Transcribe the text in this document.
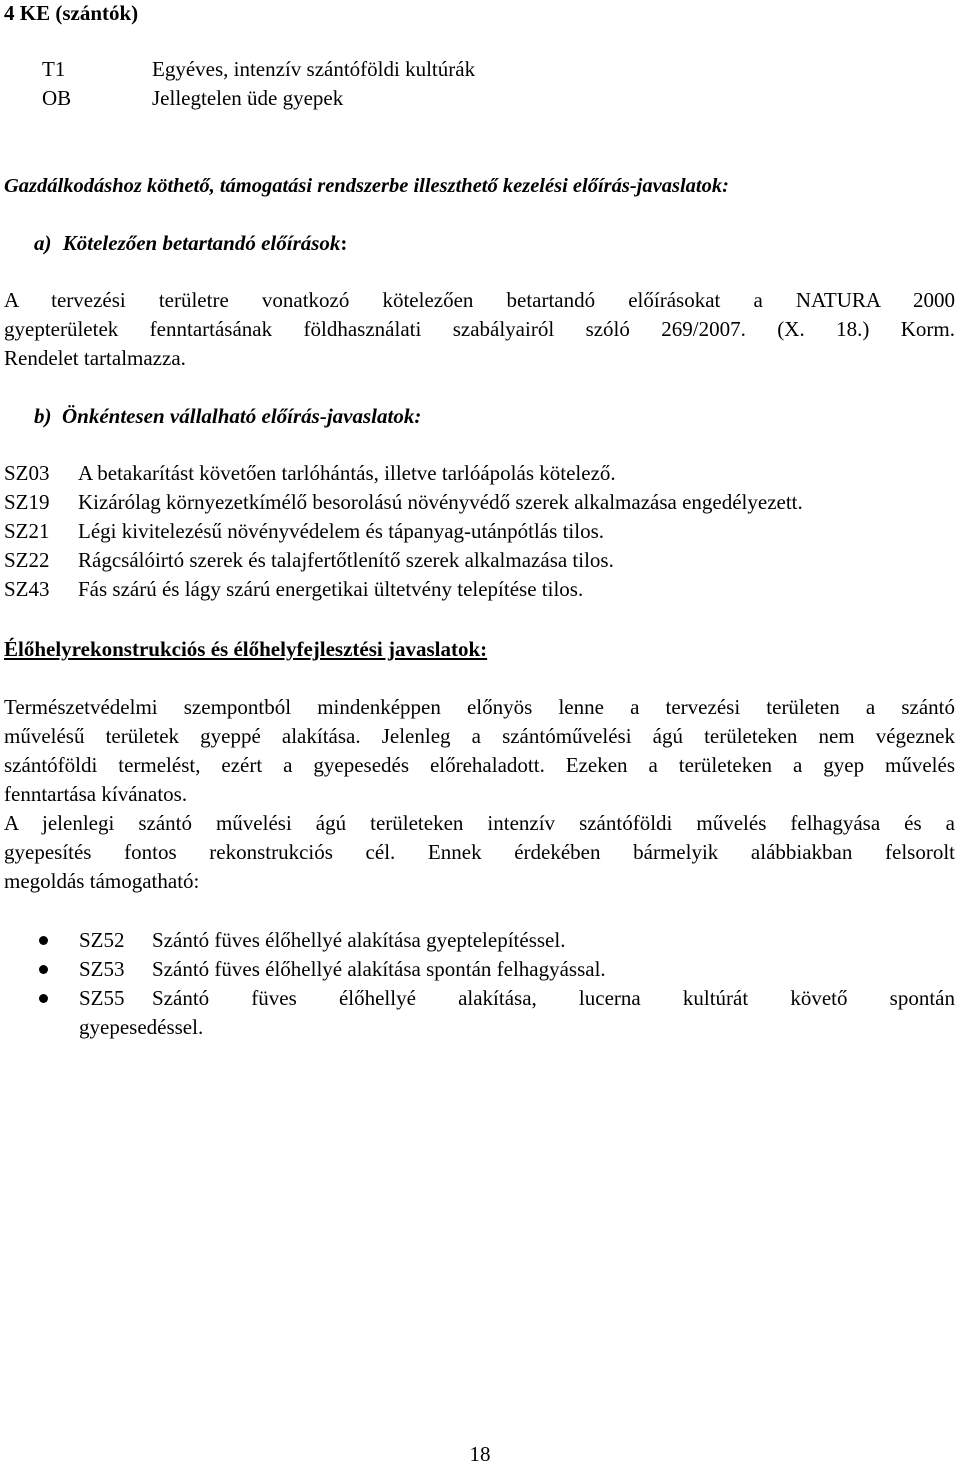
4 KE (szántók)
T1	Egyéves, intenzív szántóföldi kultúrák
OB	Jellegtelen üde gyepek
Gazdálkodáshoz köthető, támogatási rendszerbe illeszthető kezelési előírás-javaslatok:
a) Kötelezően betartandó előírások:
A tervezési területre vonatkozó kötelezően betartandó előírásokat a NATURA 2000
gyepterületek fenntartásának földhasználati szabályairól szóló 269/2007. (X. 18.) Korm.
Rendelet tartalmazza.
b)  Önkéntesen vállalható előírás-javaslatok:
SZ03 A betakarítást követően tarlóhántás, illetve tarlóápolás kötelező.
SZ19 Kizárólag környezetkímélő besorolású növényvédő szerek alkalmazása engedélyezett.
SZ21 Légi kivitelezésű növényvédelem és tápanyag-utánpótlás tilos.
SZ22 Rágcsálóirtó szerek és talajfertőtlenítő szerek alkalmazása tilos.
SZ43 Fás szárú és lágy szárú energetikai ültetvény telepítése tilos.
Élőhelyrekonstrukciós és élőhelyfejlesztési javaslatok:
Természetvédelmi szempontból mindenképpen előnyös lenne a tervezési területen a szántó
művelésű területek gyeppé alakítása. Jelenleg a szántóművelési ágú területeken nem végeznek
szántóföldi termelést, ezért a gyepesedés előrehaladott. Ezeken a területeken a gyep művelés
fenntartása kívánatos.
A jelenlegi szántó művelési ágú területeken intenzív szántóföldi művelés felhagyása és a
gyepesítés fontos rekonstrukciós cél. Ennek érdekében bármelyik alábbiakban felsorolt
megoldás támogatható:
SZ52 Szántó füves élőhellyé alakítása gyeptelepítéssel.
SZ53 Szántó füves élőhellyé alakítása spontán felhagyással.
SZ55 Szántó füves élőhellyé alakítása, lucerna kultúrát követő spontán
gyepesedéssel.
18
